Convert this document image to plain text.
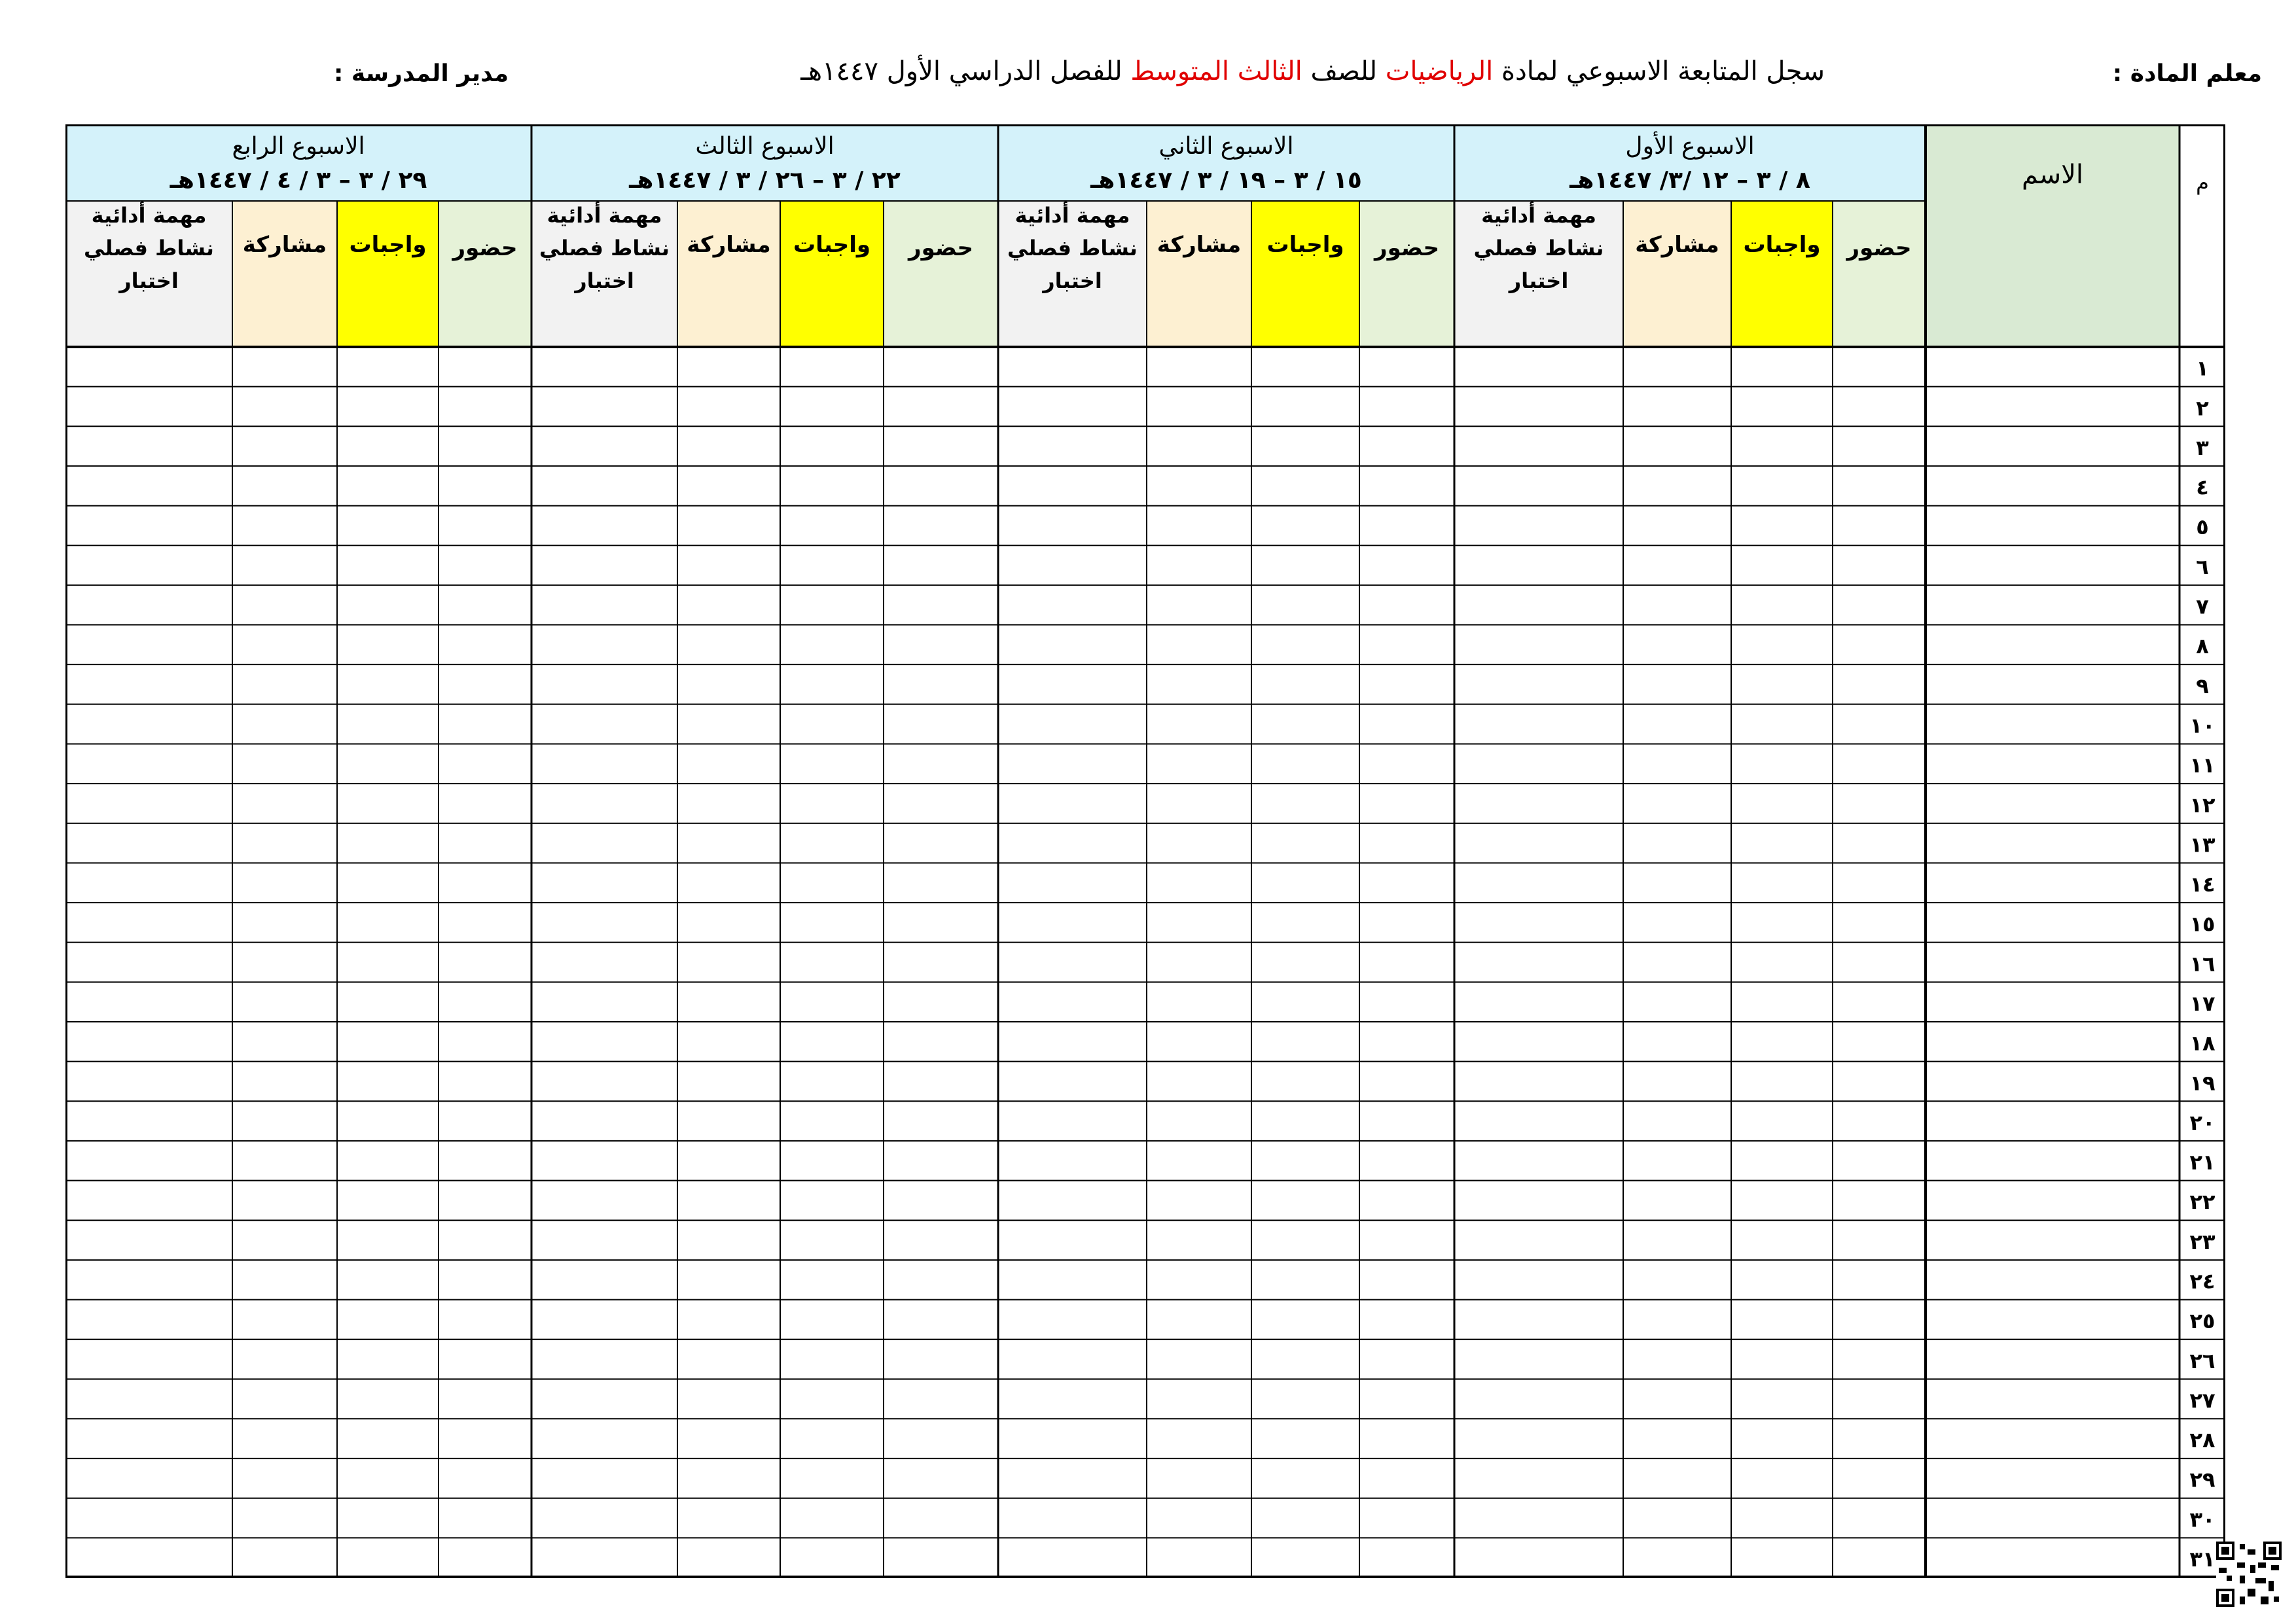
معلم المادة :
مدير المدرسة :	سجل المتابعة الاسبوعي لمادة الرياضيات للصف الثالث المتوسط للفصل الدراسي الأول ١٤٤٧هـ
م
الاسم
الاسبوع الأول
٨ / ٣ – ١٢ /٣/ ١٤٤٧هـ
حضور
واجبات
مشاركة
مهمة أدائية
نشاط فصلي
اختبار
الاسبوع الثاني
١٥ / ٣ – ١٩ / ٣ / ١٤٤٧هـ
حضور
واجبات
مشاركة
مهمة أدائية
نشاط فصلي
اختبار
الاسبوع الثالث
٢٢ / ٣ – ٢٦ / ٣ / ١٤٤٧هـ
حضور
واجبات
مشاركة
مهمة أدائية
نشاط فصلي
اختبار
الاسبوع الرابع
٢٩ / ٣ – ٣ / ٤ / ١٤٤٧هـ
حضور
واجبات
مشاركة
مهمة أدائية
نشاط فصلي
اختبار
١
٢
٣
٤
٥
٦
٧
٨
٩
١٠
١١
١٢
١٣
١٤
١٥
١٦
١٧
١٨
١٩
٢٠
٢١
٢٢
٢٣
٢٤
٢٥
٢٦
٢٧
٢٨
٢٩
٣٠
٣١
